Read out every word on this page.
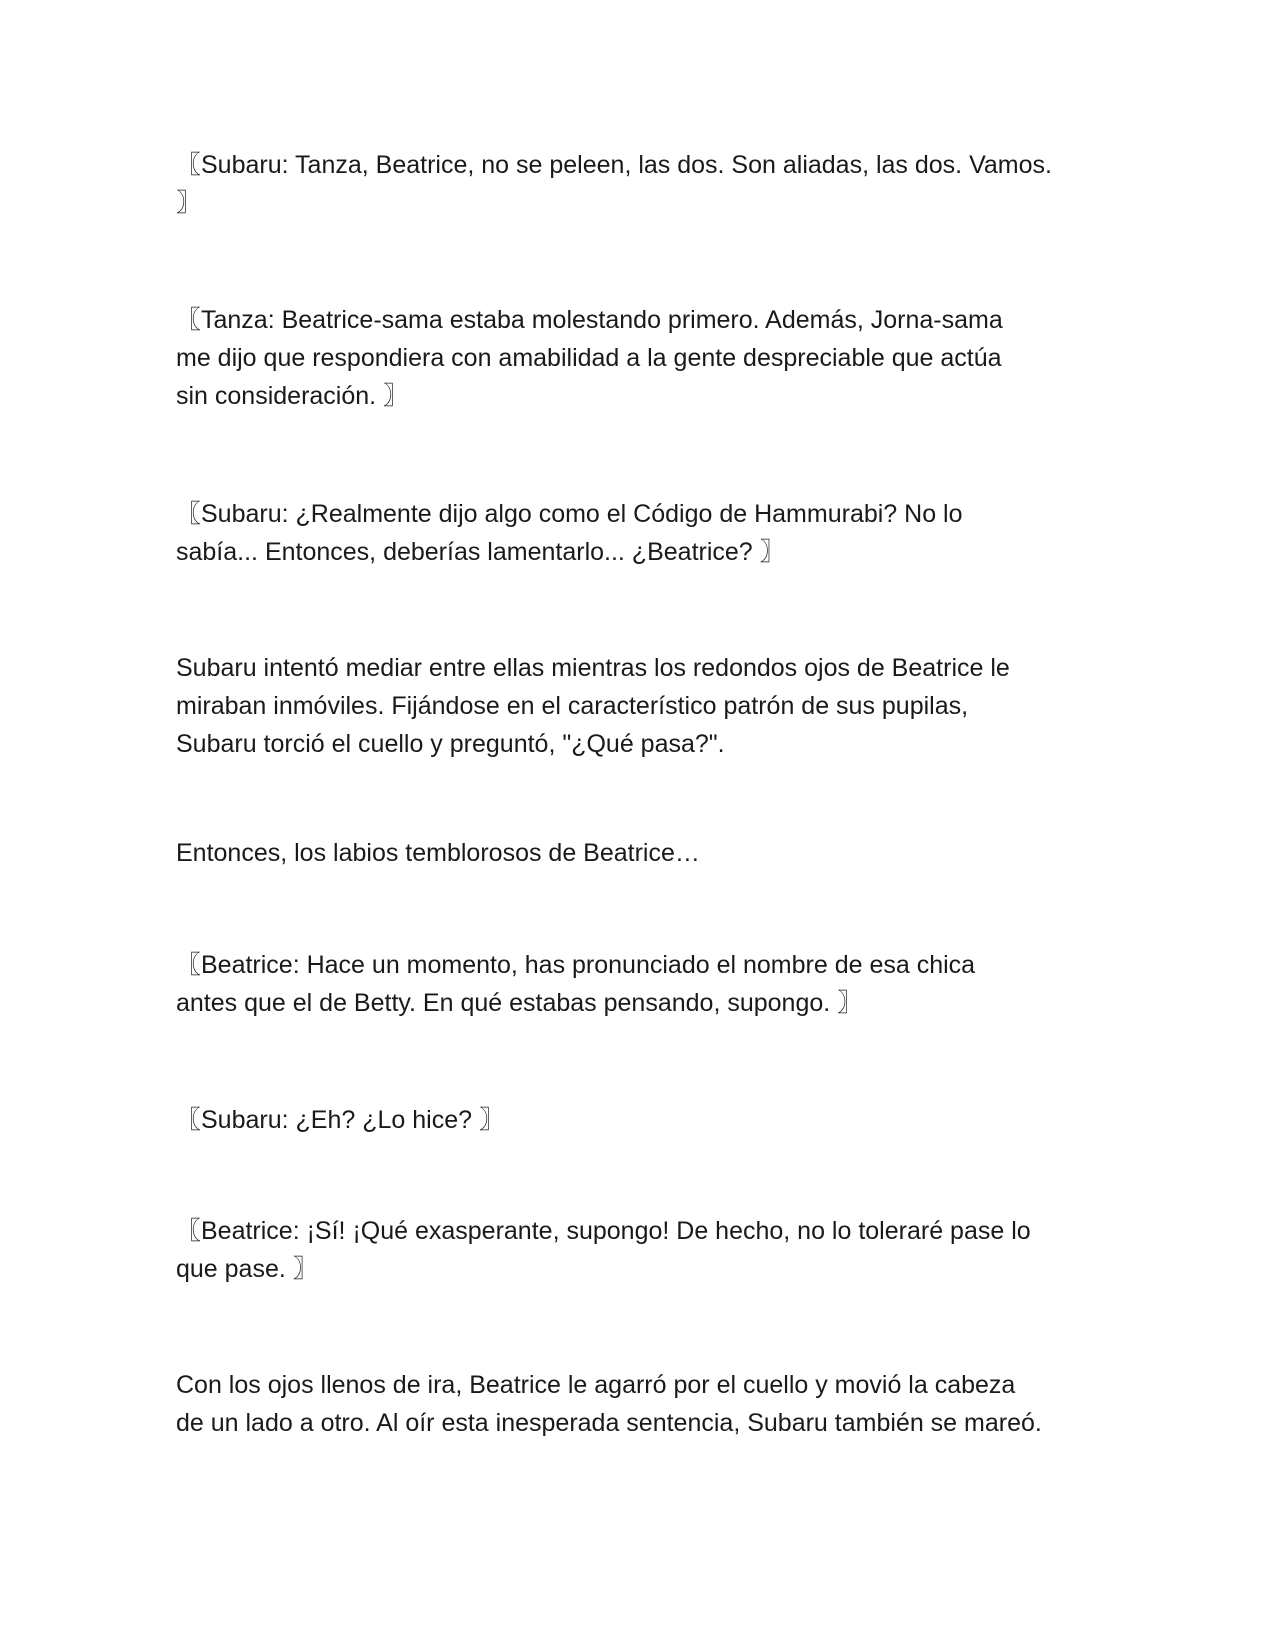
〖Subaru: Tanza, Beatrice, no se peleen, las dos. Son aliadas, las dos. Vamos.
〗

〖Tanza: Beatrice-sama estaba molestando primero. Además, Jorna-sama
me dijo que respondiera con amabilidad a la gente despreciable que actúa
sin consideración. 〗

〖Subaru: ¿Realmente dijo algo como el Código de Hammurabi? No lo
sabía... Entonces, deberías lamentarlo... ¿Beatrice? 〗

Subaru intentó mediar entre ellas mientras los redondos ojos de Beatrice le
miraban inmóviles. Fijándose en el característico patrón de sus pupilas,
Subaru torció el cuello y preguntó, "¿Qué pasa?".

Entonces, los labios temblorosos de Beatrice…

〖Beatrice: Hace un momento, has pronunciado el nombre de esa chica
antes que el de Betty. En qué estabas pensando, supongo. 〗

〖Subaru: ¿Eh? ¿Lo hice? 〗

〖Beatrice: ¡Sí! ¡Qué exasperante, supongo! De hecho, no lo toleraré pase lo
que pase. 〗

Con los ojos llenos de ira, Beatrice le agarró por el cuello y movió la cabeza
de un lado a otro. Al oír esta inesperada sentencia, Subaru también se mareó.
